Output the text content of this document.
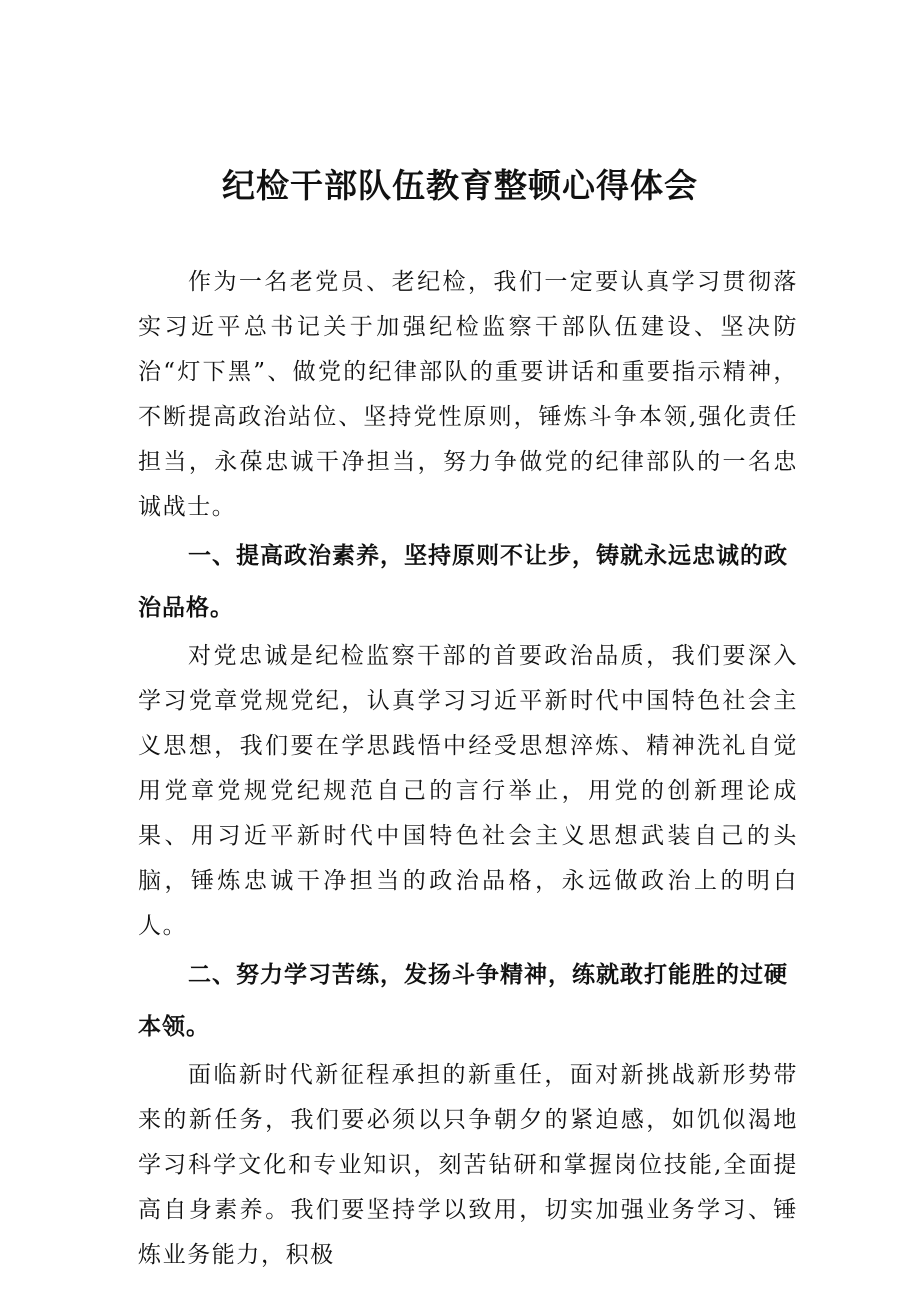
纪检干部队伍教育整顿心得体会

作为一名老党员、老纪检，我们一定要认真学习贯彻落实习近平总书记关于加强纪检监察干部队伍建设、坚决防治“灯下黑”、做党的纪律部队的重要讲话和重要指示精神，不断提高政治站位、坚持党性原则，锤炼斗争本领,强化责任担当，永葆忠诚干净担当，努力争做党的纪律部队的一名忠诚战士。

一、提高政治素养，坚持原则不让步，铸就永远忠诚的政治品格。

对党忠诚是纪检监察干部的首要政治品质，我们要深入学习党章党规党纪，认真学习习近平新时代中国特色社会主义思想，我们要在学思践悟中经受思想淬炼、精神洗礼自觉用党章党规党纪规范自己的言行举止，用党的创新理论成果、用习近平新时代中国特色社会主义思想武装自己的头脑，锤炼忠诚干净担当的政治品格，永远做政治上的明白人。

二、努力学习苦练，发扬斗争精神，练就敢打能胜的过硬本领。

面临新时代新征程承担的新重任，面对新挑战新形势带来的新任务，我们要必须以只争朝夕的紧迫感，如饥似渴地学习科学文化和专业知识，刻苦钻研和掌握岗位技能,全面提高自身素养。我们要坚持学以致用，切实加强业务学习、锤炼业务能力，积极
